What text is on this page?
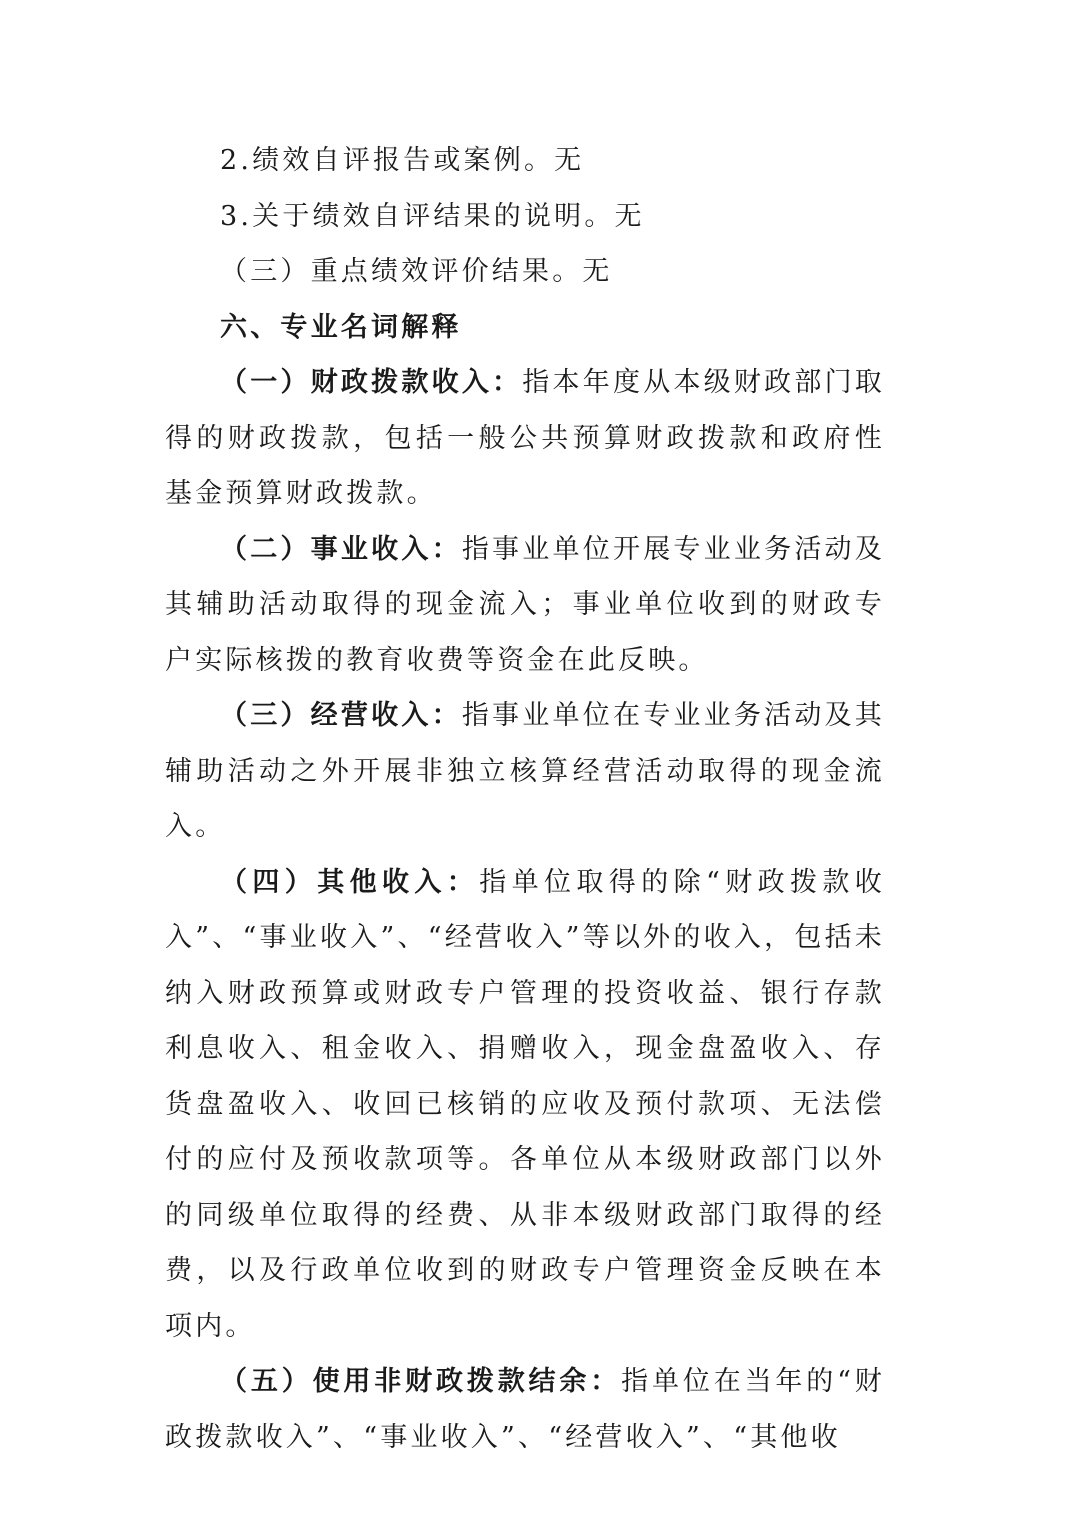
2.绩效自评报告或案例。无

3.关于绩效自评结果的说明。无

（三）重点绩效评价结果。无

六、专业名词解释

（一）财政拨款收入：指本年度从本级财政部门取得的财政拨款，包括一般公共预算财政拨款和政府性基金预算财政拨款。

（二）事业收入：指事业单位开展专业业务活动及其辅助活动取得的现金流入；事业单位收到的财政专户实际核拨的教育收费等资金在此反映。

（三）经营收入：指事业单位在专业业务活动及其辅助活动之外开展非独立核算经营活动取得的现金流入。

（四）其他收入：指单位取得的除“财政拨款收入”、“事业收入”、“经营收入”等以外的收入，包括未纳入财政预算或财政专户管理的投资收益、银行存款利息收入、租金收入、捐赠收入，现金盘盈收入、存货盘盈收入、收回已核销的应收及预付款项、无法偿付的应付及预收款项等。各单位从本级财政部门以外的同级单位取得的经费、从非本级财政部门取得的经费，以及行政单位收到的财政专户管理资金反映在本项内。

（五）使用非财政拨款结余：指单位在当年的“财政拨款收入”、“事业收入”、“经营收入”、“其他收
